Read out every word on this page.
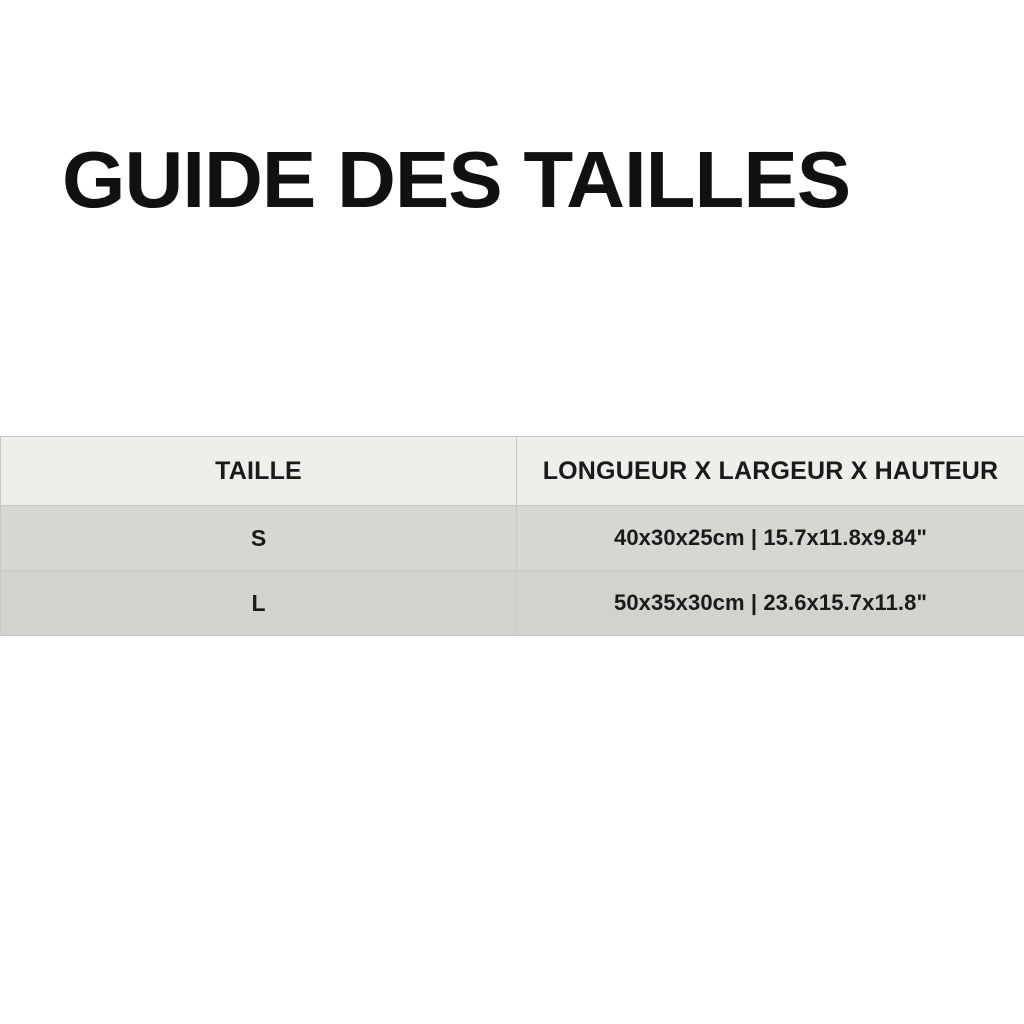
GUIDE DES TAILLES
TAILLE	LONGUEUR X LARGEUR X HAUTEUR
S	40x30x25cm | 15.7x11.8x9.84"
L	50x35x30cm | 23.6x15.7x11.8"
